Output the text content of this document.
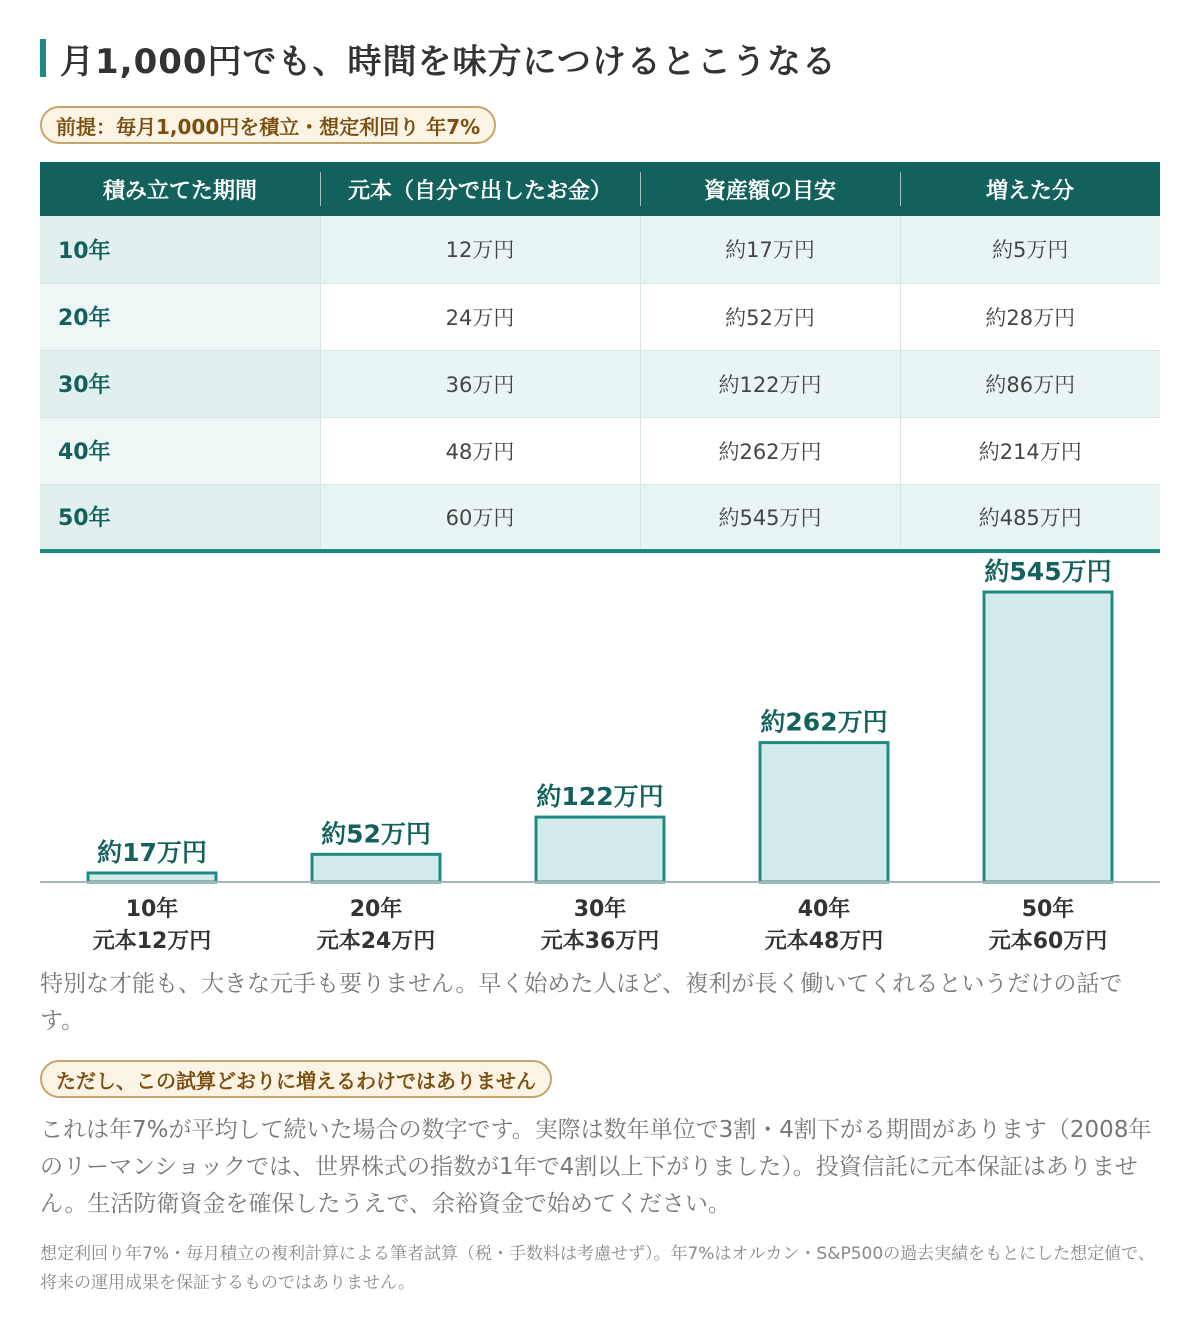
月1,000円でも、時間を味方につけるとこうなる
前提：毎月1,000円を積立・想定利回り 年7%
積み立てた期間	元本（自分で出したお金）	資産額の目安	増えた分
10年	12万円	約17万円	約5万円
20年	24万円	約52万円	約28万円
30年	36万円	約122万円	約86万円
40年	48万円	約262万円	約214万円
50年	60万円	約545万円	約485万円
約17万円
10年
元本12万円
約52万円
20年
元本24万円
約122万円
30年
元本36万円
約262万円
40年
元本48万円
約545万円
50年
元本60万円

特別な才能も、大きな元手も要りません。早く始めた人ほど、複利が長く働いてくれるというだけの話です。

ただし、この試算どおりに増えるわけではありません

これは年7%が平均して続いた場合の数字です。実際は数年単位で3割・4割下がる期間があります（2008年のリーマンショックでは、世界株式の指数が1年で4割以上下がりました）。投資信託に元本保証はありません。生活防衛資金を確保したうえで、余裕資金で始めてください。

想定利回り年7%・毎月積立の複利計算による筆者試算（税・手数料は考慮せず）。年7%はオルカン・S&P500の過去実績をもとにした想定値で、将来の運用成果を保証するものではありません。
